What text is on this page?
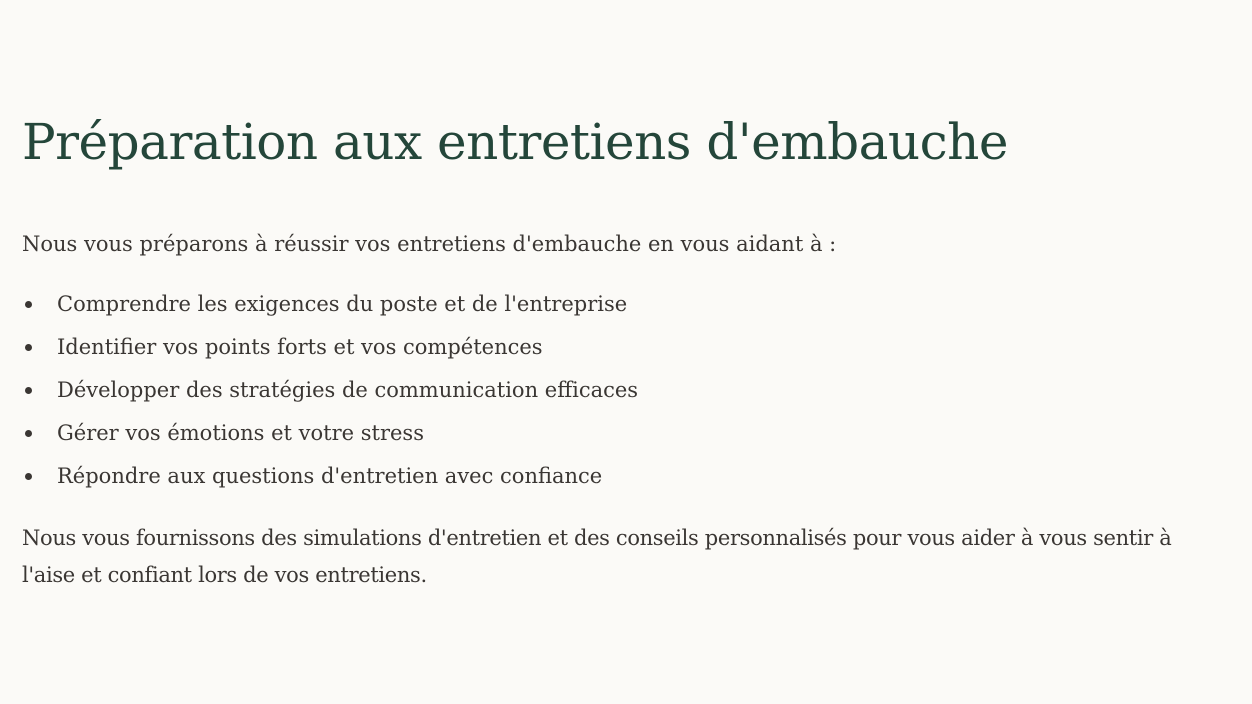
Préparation aux entretiens d'embauche

Nous vous préparons à réussir vos entretiens d'embauche en vous aidant à :

Comprendre les exigences du poste et de l'entreprise
Identifier vos points forts et vos compétences
Développer des stratégies de communication efficaces
Gérer vos émotions et votre stress
Répondre aux questions d'entretien avec confiance

Nous vous fournissons des simulations d'entretien et des conseils personnalisés pour vous aider à vous sentir à l'aise et confiant lors de vos entretiens.
